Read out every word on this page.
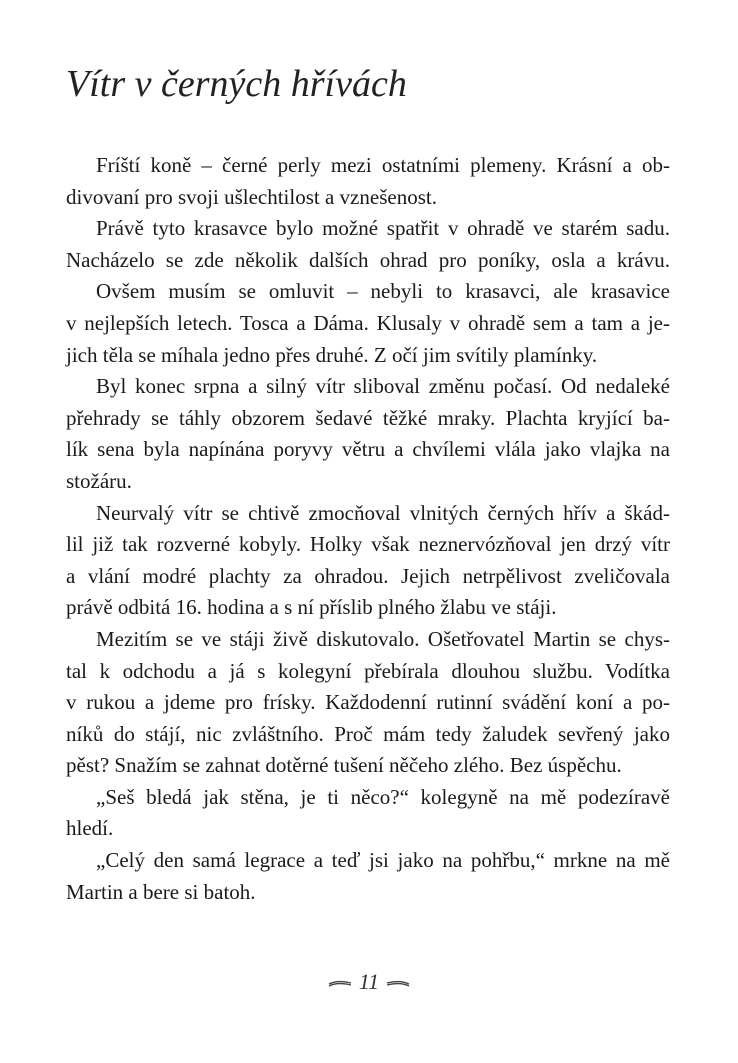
Vítr v černých hřívách
Fríští koně – černé perly mezi ostatními plemeny. Krásní a ob-
divovaní pro svoji ušlechtilost a vznešenost.
Právě tyto krasavce bylo možné spatřit v ohradě ve starém sadu.
Nacházelo se zde několik dalších ohrad pro poníky, osla a krávu.
Ovšem musím se omluvit – nebyli to krasavci, ale krasavice
v nejlepších letech. Tosca a Dáma. Klusaly v ohradě sem a tam a je-
jich těla se míhala jedno přes druhé. Z očí jim svítily plamínky.
Byl konec srpna a silný vítr sliboval změnu počasí. Od nedaleké
přehrady se táhly obzorem šedavé těžké mraky. Plachta kryjící ba-
lík sena byla napínána poryvy větru a chvílemi vlála jako vlajka na
stožáru.
Neurvalý vítr se chtivě zmocňoval vlnitých černých hřív a škád-
lil již tak rozverné kobyly. Holky však neznervózňoval jen drzý vítr
a vlání modré plachty za ohradou. Jejich netrpělivost zveličovala
právě odbitá 16. hodina a s ní příslib plného žlabu ve stáji.
Mezitím se ve stáji živě diskutovalo. Ošetřovatel Martin se chys-
tal k odchodu a já s kolegyní přebírala dlouhou službu. Vodítka
v rukou a jdeme pro frísky. Každodenní rutinní svádění koní a po-
níků do stájí, nic zvláštního. Proč mám tedy žaludek sevřený jako
pěst? Snažím se zahnat dotěrné tušení něčeho zlého. Bez úspěchu.
„Seš bledá jak stěna, je ti něco?“ kolegyně na mě podezíravě
hledí.
„Celý den samá legrace a teď jsi jako na pohřbu,“ mrkne na mě
Martin a bere si batoh.
11
